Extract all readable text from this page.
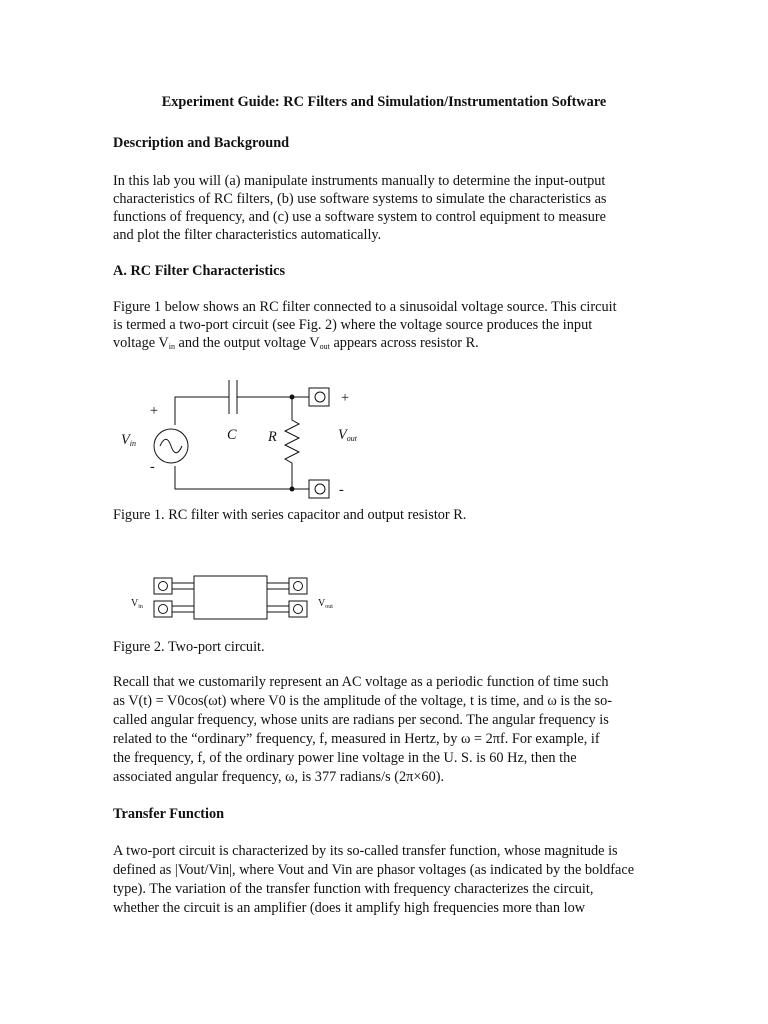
Experiment Guide: RC Filters and Simulation/Instrumentation Software
Description and Background
In this lab you will (a) manipulate instruments manually to determine the input-output
characteristics of RC filters, (b) use software systems to simulate the characteristics as
functions of frequency, and (c) use a software system to control equipment to measure
and plot the filter characteristics automatically.
A. RC Filter Characteristics
Figure 1 below shows an RC filter connected to a sinusoidal voltage source. This circuit
is termed a two-port circuit (see Fig. 2) where the voltage source produces the input
voltage $V_{in}$ and the output voltage $V_{out}$ appears across resistor R.
+
-
$V_{in}$
C R	$V_{out}$
+
-
Figure 1. RC filter with series capacitor and output resistor R.
$V_{in}$	$V_{out}$
Figure 2. Two-port circuit.
Recall that we customarily represent an AC voltage as a periodic function of time such
as V(t) = V0cos(ωt) where V0 is the amplitude of the voltage, t is time, and ω is the so-
called angular frequency, whose units are radians per second. The angular frequency is
related to the “ordinary” frequency, f, measured in Hertz, by ω = 2πf. For example, if
the frequency, f, of the ordinary power line voltage in the U. S. is 60 Hz, then the
associated angular frequency, ω, is 377 radians/s (2π×60).
Transfer Function
A two-port circuit is characterized by its so-called transfer function, whose magnitude is
defined as |Vout/Vin|, where Vout and Vin are phasor voltages (as indicated by the boldface
type). The variation of the transfer function with frequency characterizes the circuit,
whether the circuit is an amplifier (does it amplify high frequencies more than low
